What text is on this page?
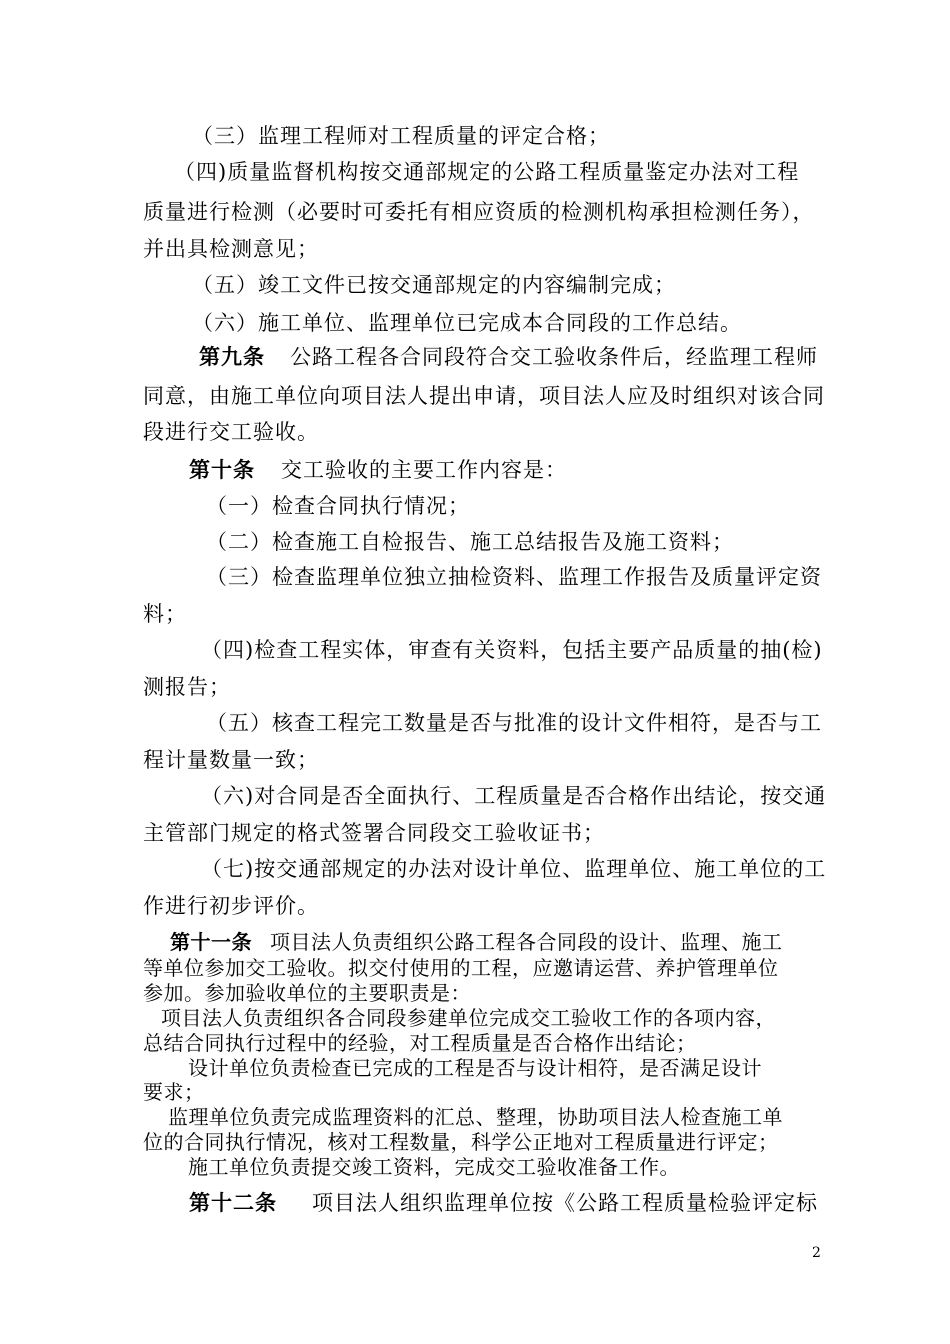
（三）监理工程师对工程质量的评定合格；
（四)质量监督机构按交通部规定的公路工程质量鉴定办法对工程
质量进行检测（必要时可委托有相应资质的检测机构承担检测任务），
并出具检测意见；
（五）竣工文件已按交通部规定的内容编制完成；
（六）施工单位、监理单位已完成本合同段的工作总结。
第九条 公路工程各合同段符合交工验收条件后，经监理工程师
同意，由施工单位向项目法人提出申请，项目法人应及时组织对该合同
段进行交工验收。
第十条 交工验收的主要工作内容是：
（一）检查合同执行情况；
（二）检查施工自检报告、施工总结报告及施工资料；
（三）检查监理单位独立抽检资料、监理工作报告及质量评定资
料；
（四)检查工程实体，审查有关资料，包括主要产品质量的抽(检)
测报告；
（五）核查工程完工数量是否与批准的设计文件相符，是否与工
程计量数量一致；
（六)对合同是否全面执行、工程质量是否合格作出结论，按交通
主管部门规定的格式签署合同段交工验收证书；
（七)按交通部规定的办法对设计单位、监理单位、施工单位的工
作进行初步评价。
第十一条 项目法人负责组织公路工程各合同段的设计、监理、施工
等单位参加交工验收。拟交付使用的工程，应邀请运营、养护管理单位
参加。参加验收单位的主要职责是：
项目法人负责组织各合同段参建单位完成交工验收工作的各项内容，
总结合同执行过程中的经验，对工程质量是否合格作出结论；
设计单位负责检查已完成的工程是否与设计相符，是否满足设计
要求；
监理单位负责完成监理资料的汇总、整理，协助项目法人检查施工单
位的合同执行情况，核对工程数量，科学公正地对工程质量进行评定；
施工单位负责提交竣工资料，完成交工验收准备工作。
第十二条 项目法人组织监理单位按《公路工程质量检验评定标
2
